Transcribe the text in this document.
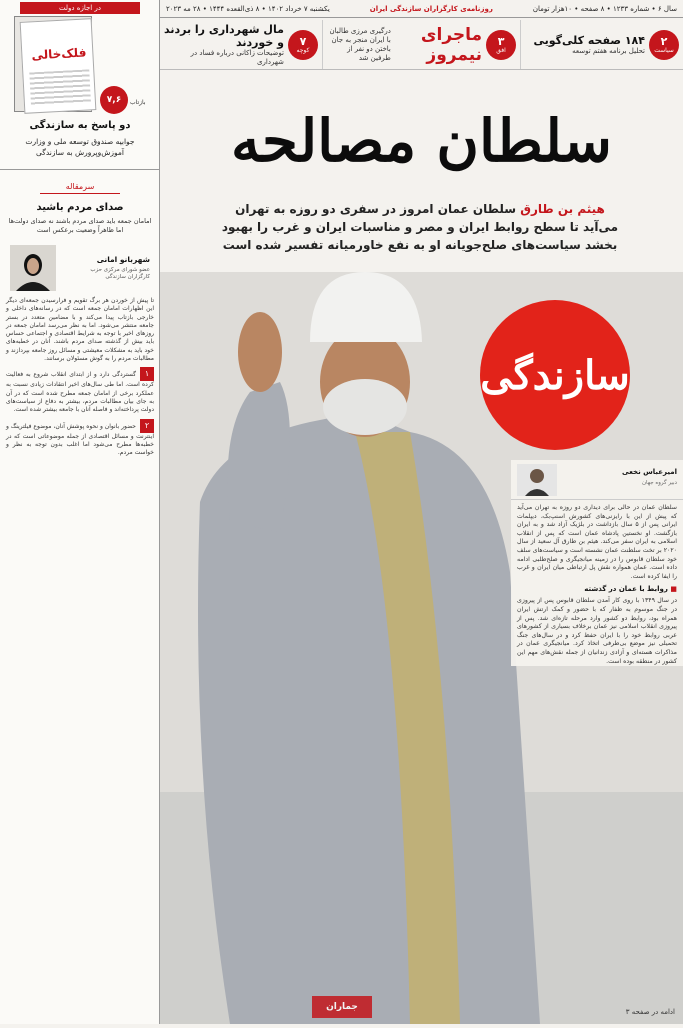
در اجازه دولت
فلک‌خالی
۷,۶	بازتاب
دو پاسخ به سازندگی
جوابیه صندوق توسعه ملی و وزارت آموزش‌وپرورش به سازندگی
سرمقاله
صدای مردم باشید
امامان جمعه باید صدای مردم باشند نه صدای دولت‌ها اما ظاهراً وضعیت برعکس است
شهربانو امانی
عضو شورای مرکزی حزب کارگزاران سازندگی
تا پیش از خوردن هر برگ تقویم و فرارسیدن جمعه‌ای دیگر این اظهارات امامان جمعه است که در رسانه‌های داخلی و خارجی بازتاب پیدا می‌کند و با مضامین متعدد در بستر جامعه منتشر می‌شود. اما به نظر می‌رسد امامان جمعه در روزهای اخیر با توجه به شرایط اقتصادی و اجتماعی حساس باید بیش از گذشته صدای مردم باشند. آنان در خطبه‌های خود باید به مشکلات معیشتی و مسائل روز جامعه بپردازند و مطالبات مردم را به گوش مسئولان برسانند.
۱گستردگی دارد و از ابتدای انقلاب شروع به فعالیت کرده است. اما طی سال‌های اخیر انتقادات زیادی نسبت به عملکرد برخی از امامان جمعه مطرح شده است که در آن به جای بیان مطالبات مردم، بیشتر به دفاع از سیاست‌های دولت پرداخته‌اند و فاصله آنان با جامعه بیشتر شده است.
۲حضور بانوان و نحوه پوشش آنان، موضوع فیلترینگ و اینترنت و مسائل اقتصادی از جمله موضوعاتی است که در خطبه‌ها مطرح می‌شود اما اغلب بدون توجه به نظر و خواست مردم.
سال ۶ • شماره ۱۲۳۳ • ۸ صفحه • ۱۰هزار تومان
روزنامه‌ی کارگزاران سازندگی ایران
یکشنبه ۷ خرداد ۱۴۰۲ • ۸ ذی‌القعده ۱۴۴۴ • ۲۸ مه ۲۰۲۳
۲
سیاست
۱۸۴ صفحه کلی‌گویی
تحلیل برنامه هفتم توسعه
۳
افق
ماجرای نیمروز
درگیری مرزی طالبان با ایران منجر به جان باختن دو نفر از طرفین شد
۷
کوچه
مال شهرداری را بردند و خوردند
توضیحات زاکانی درباره فساد در شهرداری
سلطان مصالحه
هیثم بن طارق سلطان عمان امروز در سفری دو روزه به تهران می‌آید تا سطح روابط ایران و مصر و مناسبات ایران و غرب را بهبود بخشد سیاست‌های صلح‌جویانه او به نفع خاورمیانه تفسیر شده است
سازندگی
امیرعباس نخعی
دبیر گروه جهان
سلطان عمان در حالی برای دیداری دو روزه به تهران می‌آید که پیش از این با رایزنی‌های کشورش اسنپ‌بک، دیپلمات ایرانی پس از ۵ سال بازداشت در بلژیک آزاد شد و به ایران بازگشت. او نخستین پادشاه عمان است که پس از انقلاب اسلامی به ایران سفر می‌کند. هیثم بن طارق آل سعید از سال ۲۰۲۰ بر تخت سلطنت عمان نشسته است و سیاست‌های سلف خود سلطان قابوس را در زمینه میانجیگری و صلح‌طلبی ادامه داده است. عمان همواره نقش پل ارتباطی میان ایران و غرب را ایفا کرده است.
■ روابط با عمان در گذشته
در سال ۱۳۴۹ با روی کار آمدن سلطان قابوس پس از پیروزی در جنگ موسوم به ظفار که با حضور و کمک ارتش ایران همراه بود، روابط دو کشور وارد مرحله تازه‌ای شد. پس از پیروزی انقلاب اسلامی نیز عمان برخلاف بسیاری از کشورهای عربی روابط خود را با ایران حفظ کرد و در سال‌های جنگ تحمیلی نیز موضع بی‌طرفی اتخاذ کرد. میانجیگری عمان در مذاکرات هسته‌ای و آزادی زندانیان از جمله نقش‌های مهم این کشور در منطقه بوده است.
ادامه در صفحه ۳
جماران
